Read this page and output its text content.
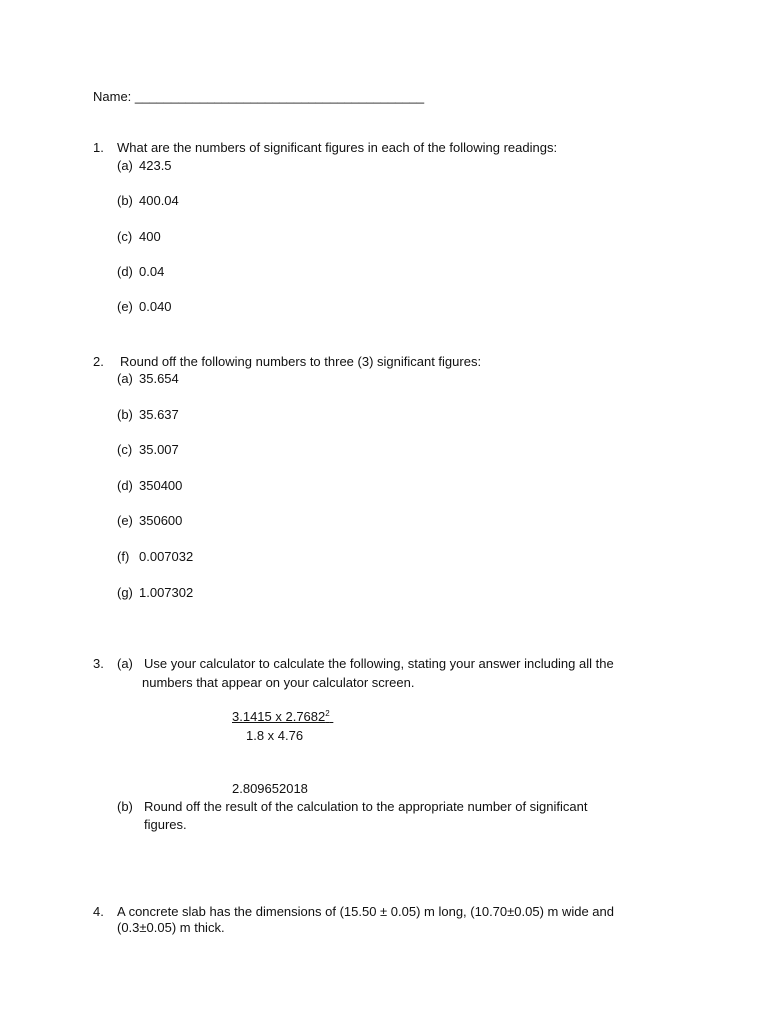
Name: ________________________________________
1. What are the numbers of significant figures in each of the following readings:
(a) 423.5
(b) 400.04
(c) 400
(d) 0.04
(e) 0.040
2. Round off the following numbers to three (3) significant figures:
(a) 35.654
(b) 35.637
(c) 35.007
(d) 350400
(e) 350600
(f) 0.007032
(g) 1.007302
3. (a) Use your calculator to calculate the following, stating your answer including all the
numbers that appear on your calculator screen.
3.1415 x 2.7682$^2$
1.8 x 4.76
2.809652018
(b) Round off the result of the calculation to the appropriate number of significant
figures.
4. A concrete slab has the dimensions of (15.50 ± 0.05) m long, (10.70±0.05) m wide and
(0.3±0.05) m thick.
